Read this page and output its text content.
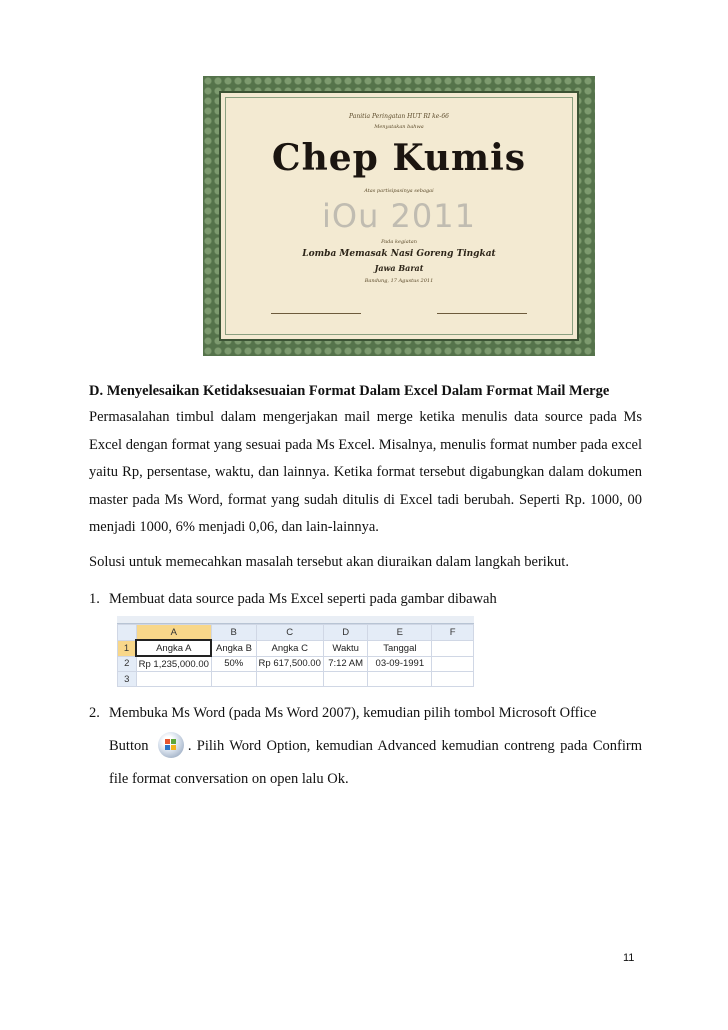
Panitia Peringatan HUT RI ke-66
Menyatakan bahwa
Chep Kumis
Atas partisipasinya sebagai
iOu 2011
Pada kegiatan
Lomba Memasak Nasi Goreng Tingkat
Jawa Barat
Bandung, 17 Agustus 2011
D. Menyelesaikan Ketidaksesuaian Format Dalam Excel Dalam Format Mail Merge
Permasalahan timbul dalam mengerjakan mail merge ketika menulis data source pada Ms Excel dengan format yang sesuai pada Ms Excel. Misalnya, menulis format number pada excel yaitu Rp, persentase, waktu, dan lainnya. Ketika format tersebut digabungkan dalam dokumen master pada Ms Word, format yang sudah ditulis di Excel tadi berubah. Seperti Rp. 1000, 00 menjadi 1000, 6% menjadi 0,06, dan lain-lainnya.
Solusi untuk memecahkan masalah tersebut akan diuraikan dalam langkah berikut.
1. Membuat data source pada Ms Excel seperti pada gambar dibawah
	A	B	C	D	E	F
1	Angka A	Angka B	Angka C	Waktu	Tanggal	
2	Rp 1,235,000.00	50%	Rp 617,500.00	7:12 AM	03-09-1991	
3						
2. Membuka Ms Word (pada Ms Word 2007), kemudian pilih tombol Microsoft Office
Button	. Pilih Word Option, kemudian Advanced kemudian contreng pada Confirm file format conversation on open lalu Ok.
11
